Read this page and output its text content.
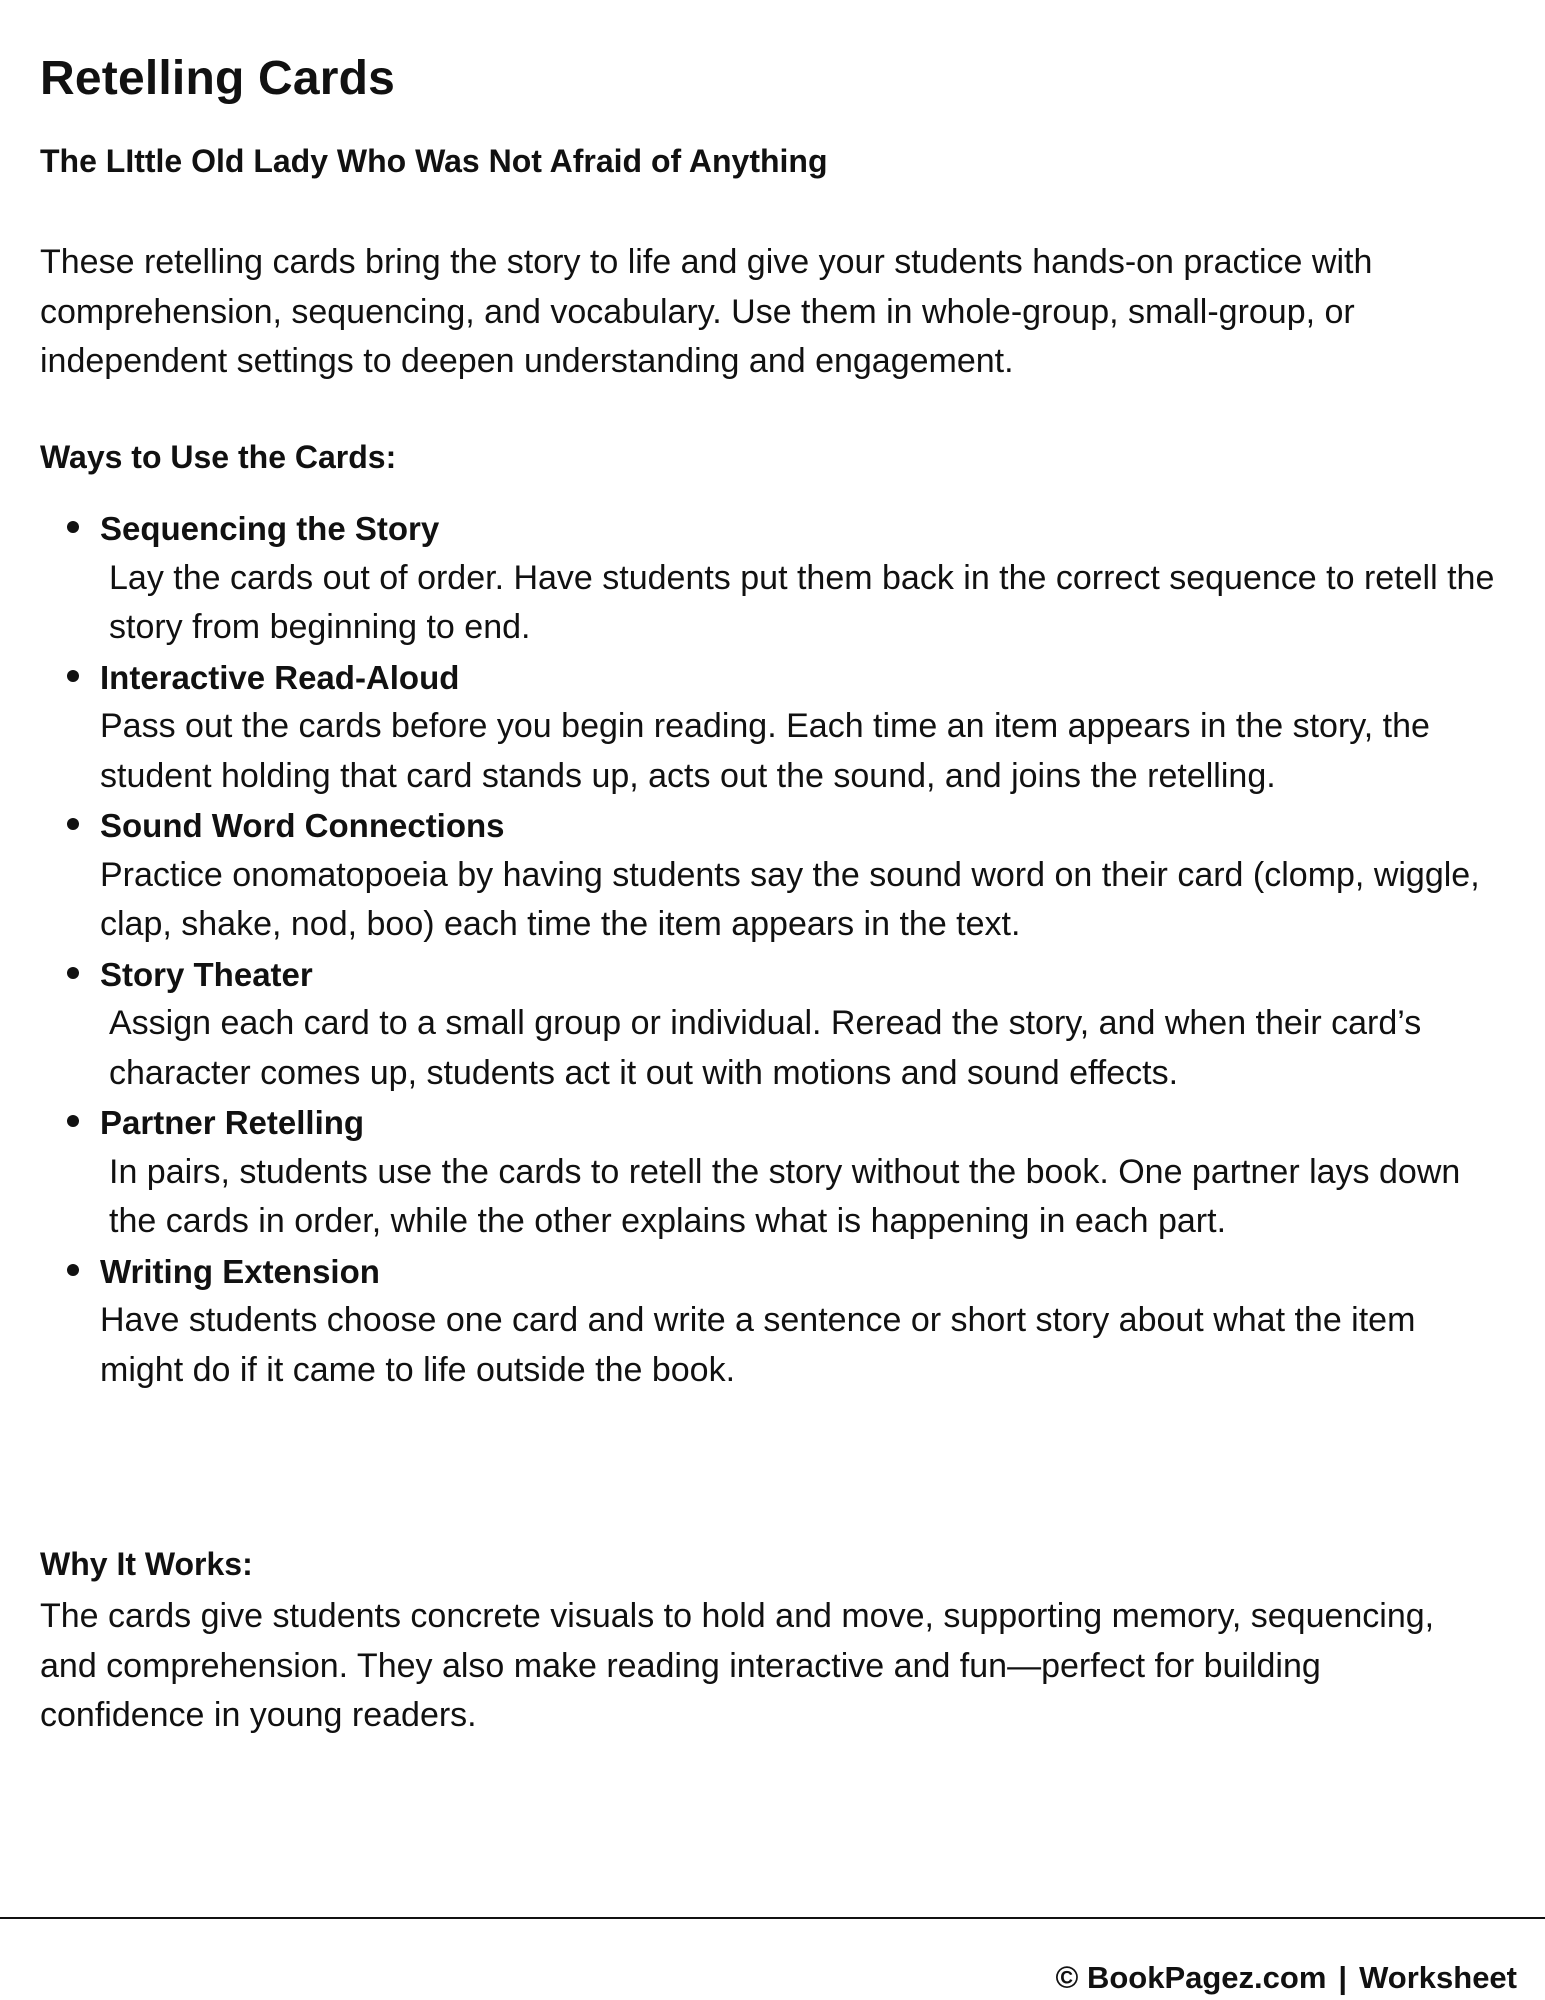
Retelling Cards
The LIttle Old Lady Who Was Not Afraid of Anything

These retelling cards bring the story to life and give your students hands-on practice with comprehension, sequencing, and vocabulary. Use them in whole-group, small-group, or independent settings to deepen understanding and engagement.

Ways to Use the Cards:
Sequencing the Story
Lay the cards out of order. Have students put them back in the correct sequence to retell the story from beginning to end.
Interactive Read-Aloud
Pass out the cards before you begin reading. Each time an item appears in the story, the student holding that card stands up, acts out the sound, and joins the retelling.
Sound Word Connections
Practice onomatopoeia by having students say the sound word on their card (clomp, wiggle, clap, shake, nod, boo) each time the item appears in the text.
Story Theater
Assign each card to a small group or individual. Reread the story, and when their card’s character comes up, students act it out with motions and sound effects.
Partner Retelling
In pairs, students use the cards to retell the story without the book. One partner lays down the cards in order, while the other explains what is happening in each part.
Writing Extension
Have students choose one card and write a sentence or short story about what the item might do if it came to life outside the book.
Why It Works:

The cards give students concrete visuals to hold and move, supporting memory, sequencing, and comprehension. They also make reading interactive and fun—perfect for building confidence in young readers.

© BookPagez.com | Worksheet
